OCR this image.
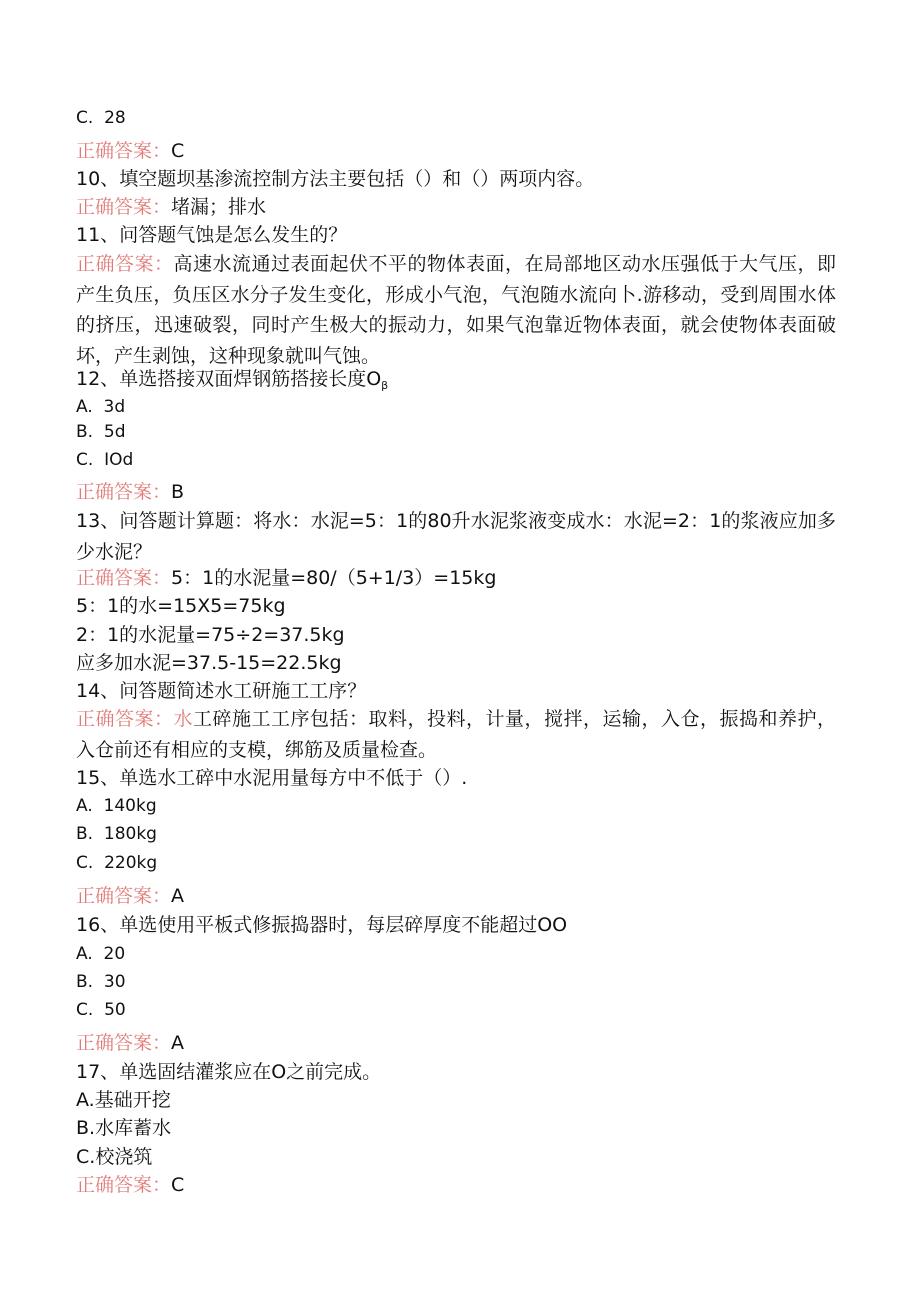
C. 28
正确答案：C
10、填空题坝基渗流控制方法主要包括（）和（）两项内容。
正确答案：堵漏；排水
11、问答题气蚀是怎么发生的？
正确答案：高速水流通过表面起伏不平的物体表面，在局部地区动水压强低于大气压，即产生负压，负压区水分子发生变化，形成小气泡，气泡随水流向卜.游移动，受到周围水体的挤压，迅速破裂，同时产生极大的振动力，如果气泡靠近物体表面，就会使物体表面破坏，产生剥蚀，这种现象就叫气蚀。
12、单选搭接双面焊钢筋搭接长度$O_\beta$
A. 3d
B. 5d
C. IOd
正确答案：B
13、问答题计算题：将水：水泥=5：1的80升水泥浆液变成水：水泥=2：1的浆液应加多少水泥？
正确答案：5：1的水泥量=80/（5+1/3）=15kg
5：1的水=15X5=75kg
2：1的水泥量=75÷2=37.5kg
应多加水泥=37.5-15=22.5kg
14、问答题简述水工研施工工序？
正确答案：水工碎施工工序包括：取料，投料，计量，搅拌，运输，入仓，振捣和养护，入仓前还有相应的支模，绑筋及质量检查。
15、单选水工碎中水泥用量每方中不低于（）.
A. 140kg
B. 180kg
C. 220kg
正确答案：A
16、单选使用平板式修振捣器时，每层碎厚度不能超过OO
A. 20
B. 30
C. 50
正确答案：A
17、单选固结灌浆应在O之前完成。
A.基础开挖
B.水库蓄水
C.校浇筑
正确答案：C
